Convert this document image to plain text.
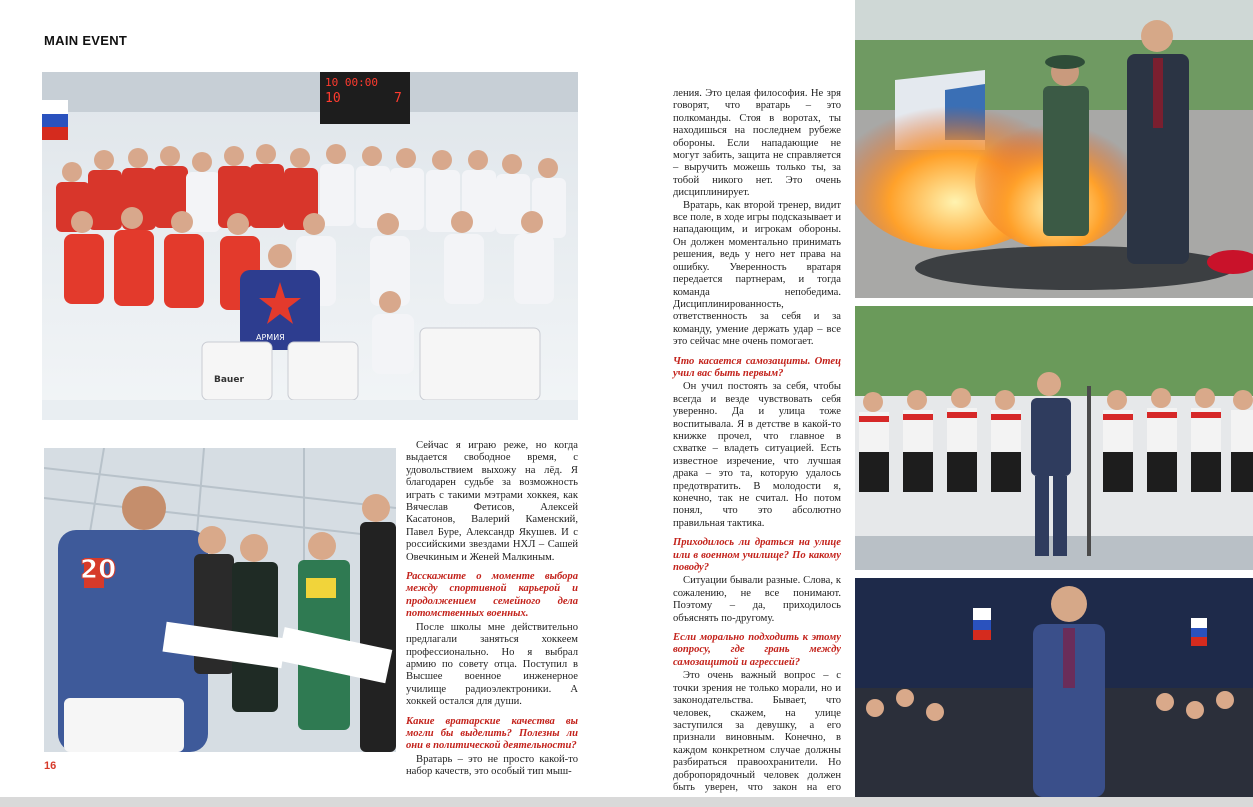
MAIN EVENT
16
10 00:00
10	7
АРМИЯ
Bauer
20

Сейчас я играю реже, но когда выдается свободное время, с удовольствием выхожу на лёд. Я благодарен судьбе за возможность играть с такими мэтрами хоккея, как Вячеслав Фетисов, Алексей Касатонов, Валерий Каменский, Павел Буре, Александр Якушев. И с российскими звездами НХЛ – Сашей Овечкиным и Женей Малкиным.

Расскажите о моменте выбора между спортивной карьерой и продолжением семейного дела потомственных военных.

После школы мне действительно предлагали заняться хоккеем профессионально. Но я выбрал армию по совету отца. Поступил в Высшее военное инженерное училище радиоэлектроники. А хоккей остался для души.

Какие вратарские качества вы могли бы выделить? Полезны ли они в политической деятельности?

Вратарь – это не просто какой-то набор качеств, это особый тип мыш-

ления. Это целая философия. Не зря говорят, что вратарь – это полкоманды. Стоя в воротах, ты находишься на последнем рубеже обороны. Если нападающие не могут забить, защита не справляется – выручить можешь только ты, за тобой никого нет. Это очень дисциплинирует.

Вратарь, как второй тренер, видит все поле, в ходе игры подсказывает и нападающим, и игрокам обороны. Он должен моментально принимать решения, ведь у него нет права на ошибку. Уверенность вратаря передается партнерам, и тогда команда непобедима. Дисциплинированность, ответственность за себя и за команду, умение держать удар – все это сейчас мне очень помогает.

Что касается самозащиты. Отец учил вас быть первым?

Он учил постоять за себя, чтобы всегда и везде чувствовать себя уверенно. Да и улица тоже воспитывала. Я в детстве в какой-то книжке прочел, что главное в схватке – владеть ситуацией. Есть известное изречение, что лучшая драка – это та, которую удалось предотвратить. В молодости я, конечно, так не считал. Но потом понял, что это абсолютно правильная тактика.

Приходилось ли драться на улице или в военном училище? По какому поводу?

Ситуации бывали разные. Слова, к сожалению, не все понимают. Поэтому – да, приходилось объяснять по-другому.

Если морально подходить к этому вопросу, где грань между самозащитой и агрессией?

Это очень важный вопрос – с точки зрения не только морали, но и законодательства. Бывает, что человек, скажем, на улице заступился за девушку, а его признали виновным. Конечно, в каждом конкретном случае должны разбираться правоохранители. Но добропорядочный человек должен быть уверен, что закон на его
